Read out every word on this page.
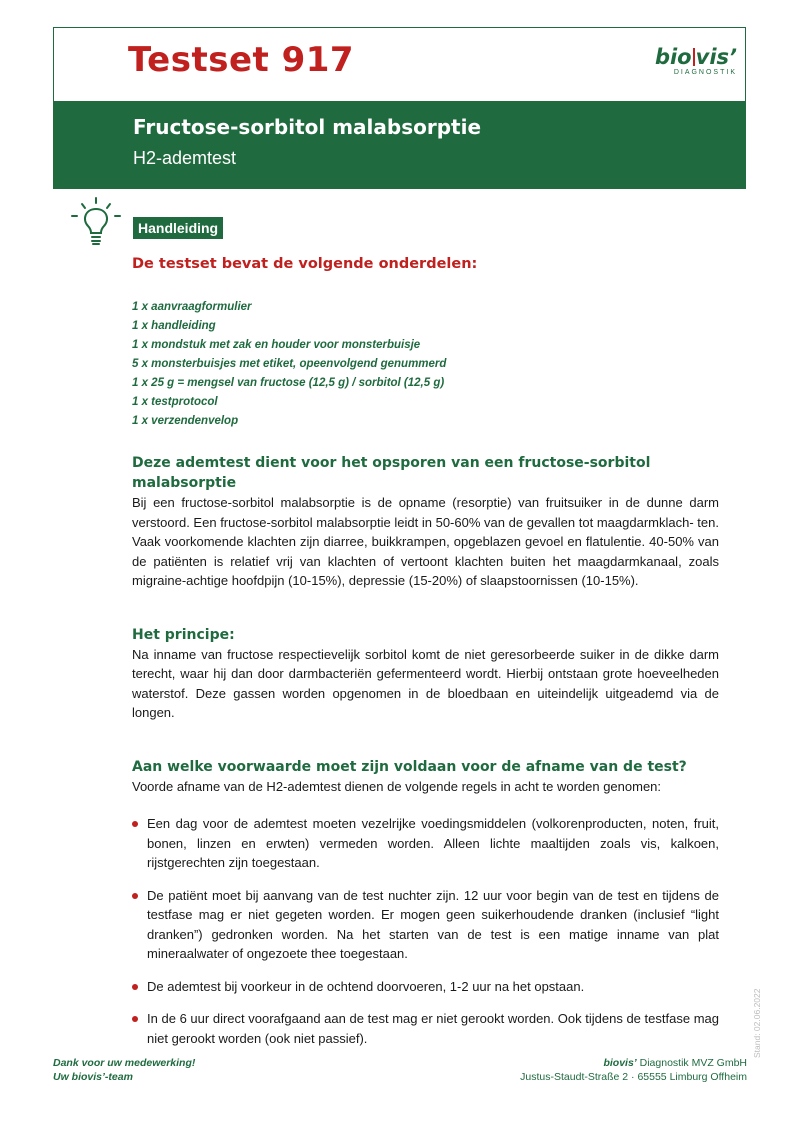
Testset 917	bio vis’
DIAGNOSTIK
Fructose-sorbitol malabsorptie
H2-ademtest
Handleiding
De testset bevat de volgende onderdelen:
1 x aanvraagformulier
1 x handleiding
1 x mondstuk met zak en houder voor monsterbuisje
5 x monsterbuisjes met etiket, opeenvolgend genummerd
1 x 25 g = mengsel van fructose (12,5 g) / sorbitol (12,5 g)
1 x testprotocol
1 x verzendenvelop
Deze ademtest dient voor het opsporen van een fructose-sorbitol malabsorptie

Bij een fructose-sorbitol malabsorptie is de opname (resorptie) van fruitsuiker in de dunne darm verstoord. Een fructose-sorbitol malabsorptie leidt in 50-60% van de gevallen tot maagdarmklach- ten. Vaak voorkomende klachten zijn diarree, buikkrampen, opgeblazen gevoel en flatulentie. 40-50% van de patiënten is relatief vrij van klachten of vertoont klachten buiten het maagdarmkanaal, zoals migraine-achtige hoofdpijn (10-15%), depressie (15-20%) of slaapstoornissen (10-15%).

Het principe:

Na inname van fructose respectievelijk sorbitol komt de niet geresorbeerde suiker in de dikke darm terecht, waar hij dan door darmbacteriën gefermenteerd wordt. Hierbij ontstaan grote hoeveelheden waterstof. Deze gassen worden opgenomen in de bloedbaan en uiteindelijk uitgeademd via de longen.

Aan welke voorwaarde moet zijn voldaan voor de afname van de test?

Voorde afname van de H2-ademtest dienen de volgende regels in acht te worden genomen:

Een dag voor de ademtest moeten vezelrijke voedingsmiddelen (volkorenproducten, noten, fruit, bonen, linzen en erwten) vermeden worden. Alleen lichte maaltijden zoals vis, kalkoen, rijstgerechten zijn toegestaan.
De patiënt moet bij aanvang van de test nuchter zijn. 12 uur voor begin van de test en tijdens de testfase mag er niet gegeten worden. Er mogen geen suikerhoudende dranken (inclusief “light dranken”) gedronken worden. Na het starten van de test is een matige inname van plat mineraalwater of ongezoete thee toegestaan.
De ademtest bij voorkeur in de ochtend doorvoeren, 1-2 uur na het opstaan.
In de 6 uur direct voorafgaand aan de test mag er niet gerookt worden. Ook tijdens de testfase mag niet gerookt worden (ook niet passief).
Dank voor uw medewerking!
Uw biovis’-team
biovis’ Diagnostik MVZ GmbH
Justus-Staudt-Straße 2 · 65555 Limburg Offheim
Stand: 02.06.2022
